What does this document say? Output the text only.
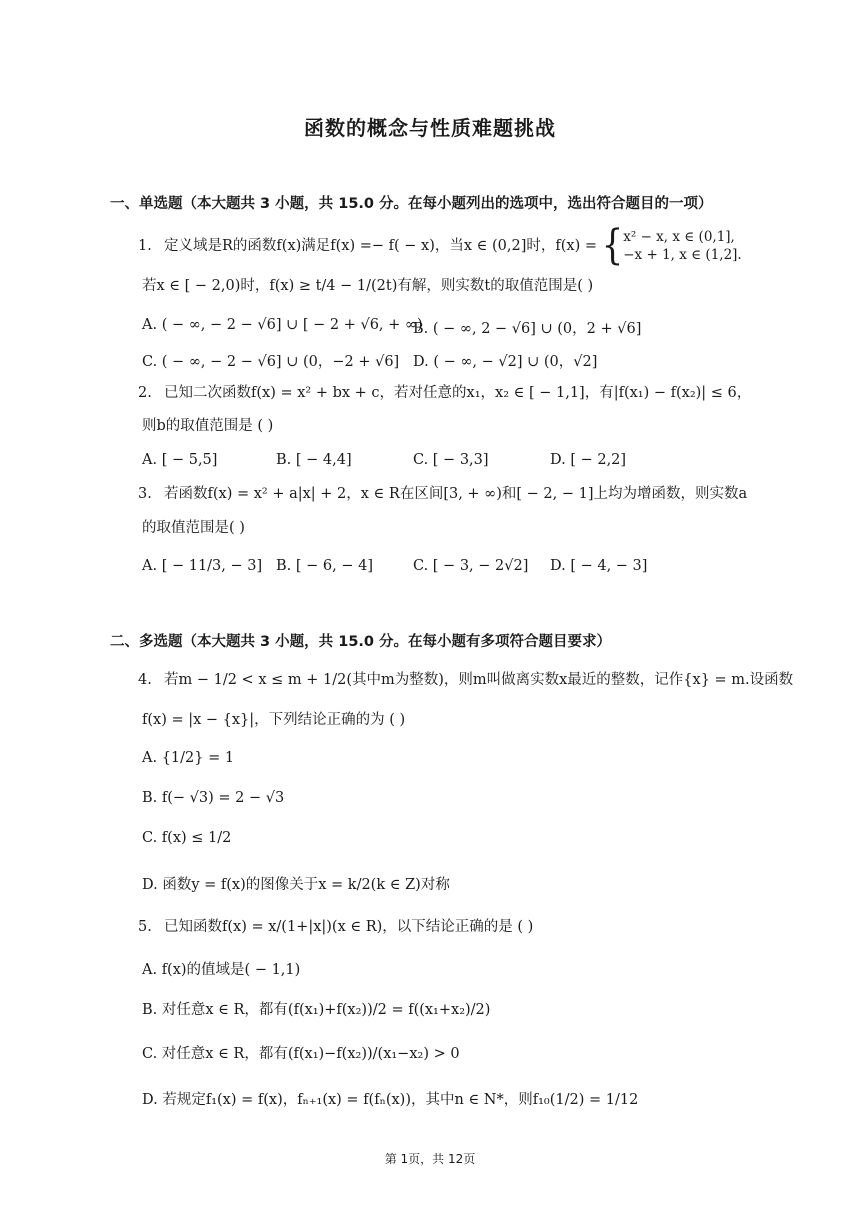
函数的概念与性质难题挑战
一、单选题（本大题共 3 小题，共 15.0 分。在每小题列出的选项中，选出符合题目的一项）
1. 定义域是R的函数f(x)满足f(x) =− f( − x)，当x ∈ (0,2]时，f(x) = { x² − x, x ∈ (0,1],
−x + 1, x ∈ (1,2].
若x ∈ [ − 2,0)时，f(x) ≥ t/4 − 1/(2t)有解，则实数t的取值范围是( )
A. ( − ∞, − 2 − √6] ∪ [ − 2 + √6, + ∞)
B. ( − ∞, 2 − √6] ∪ (0，2 + √6]
C. ( − ∞, − 2 − √6] ∪ (0，−2 + √6] D. ( − ∞, − √2] ∪ (0，√2]
2. 已知二次函数f(x) = x² + bx + c，若对任意的x₁，x₂ ∈ [ − 1,1]，有|f(x₁) − f(x₂)| ≤ 6，
则b的取值范围是 ( )
A. [ − 5,5]	B. [ − 4,4]	C. [ − 3,3]	D. [ − 2,2]
3. 若函数f(x) = x² + a|x| + 2，x ∈ R在区间[3, + ∞)和[ − 2, − 1]上均为增函数，则实数a
的取值范围是( )
A. [ − 11/3, − 3] B. [ − 6, − 4]	C. [ − 3, − 2√2] D. [ − 4, − 3]
二、多选题（本大题共 3 小题，共 15.0 分。在每小题有多项符合题目要求）
4. 若m − 1/2 < x ≤ m + 1/2(其中m为整数)，则m叫做离实数x最近的整数，记作{x} = m.设函数
f(x) = |x − {x}|，下列结论正确的为 ( )
A. {1/2} = 1
B. f(− √3) = 2 − √3
C. f(x) ≤ 1/2
D. 函数y = f(x)的图像关于x = k/2(k ∈ Z)对称
5. 已知函数f(x) = x/(1+|x|)(x ∈ R)，以下结论正确的是 ( )
A. f(x)的值域是( − 1,1)
B. 对任意x ∈ R，都有(f(x₁)+f(x₂))/2 = f((x₁+x₂)/2)
C. 对任意x ∈ R，都有(f(x₁)−f(x₂))/(x₁−x₂) > 0
D. 若规定f₁(x) = f(x)，fₙ₊₁(x) = f(fₙ(x))，其中n ∈ N*，则f₁₀(1/2) = 1/12
第 1页，共 12页
